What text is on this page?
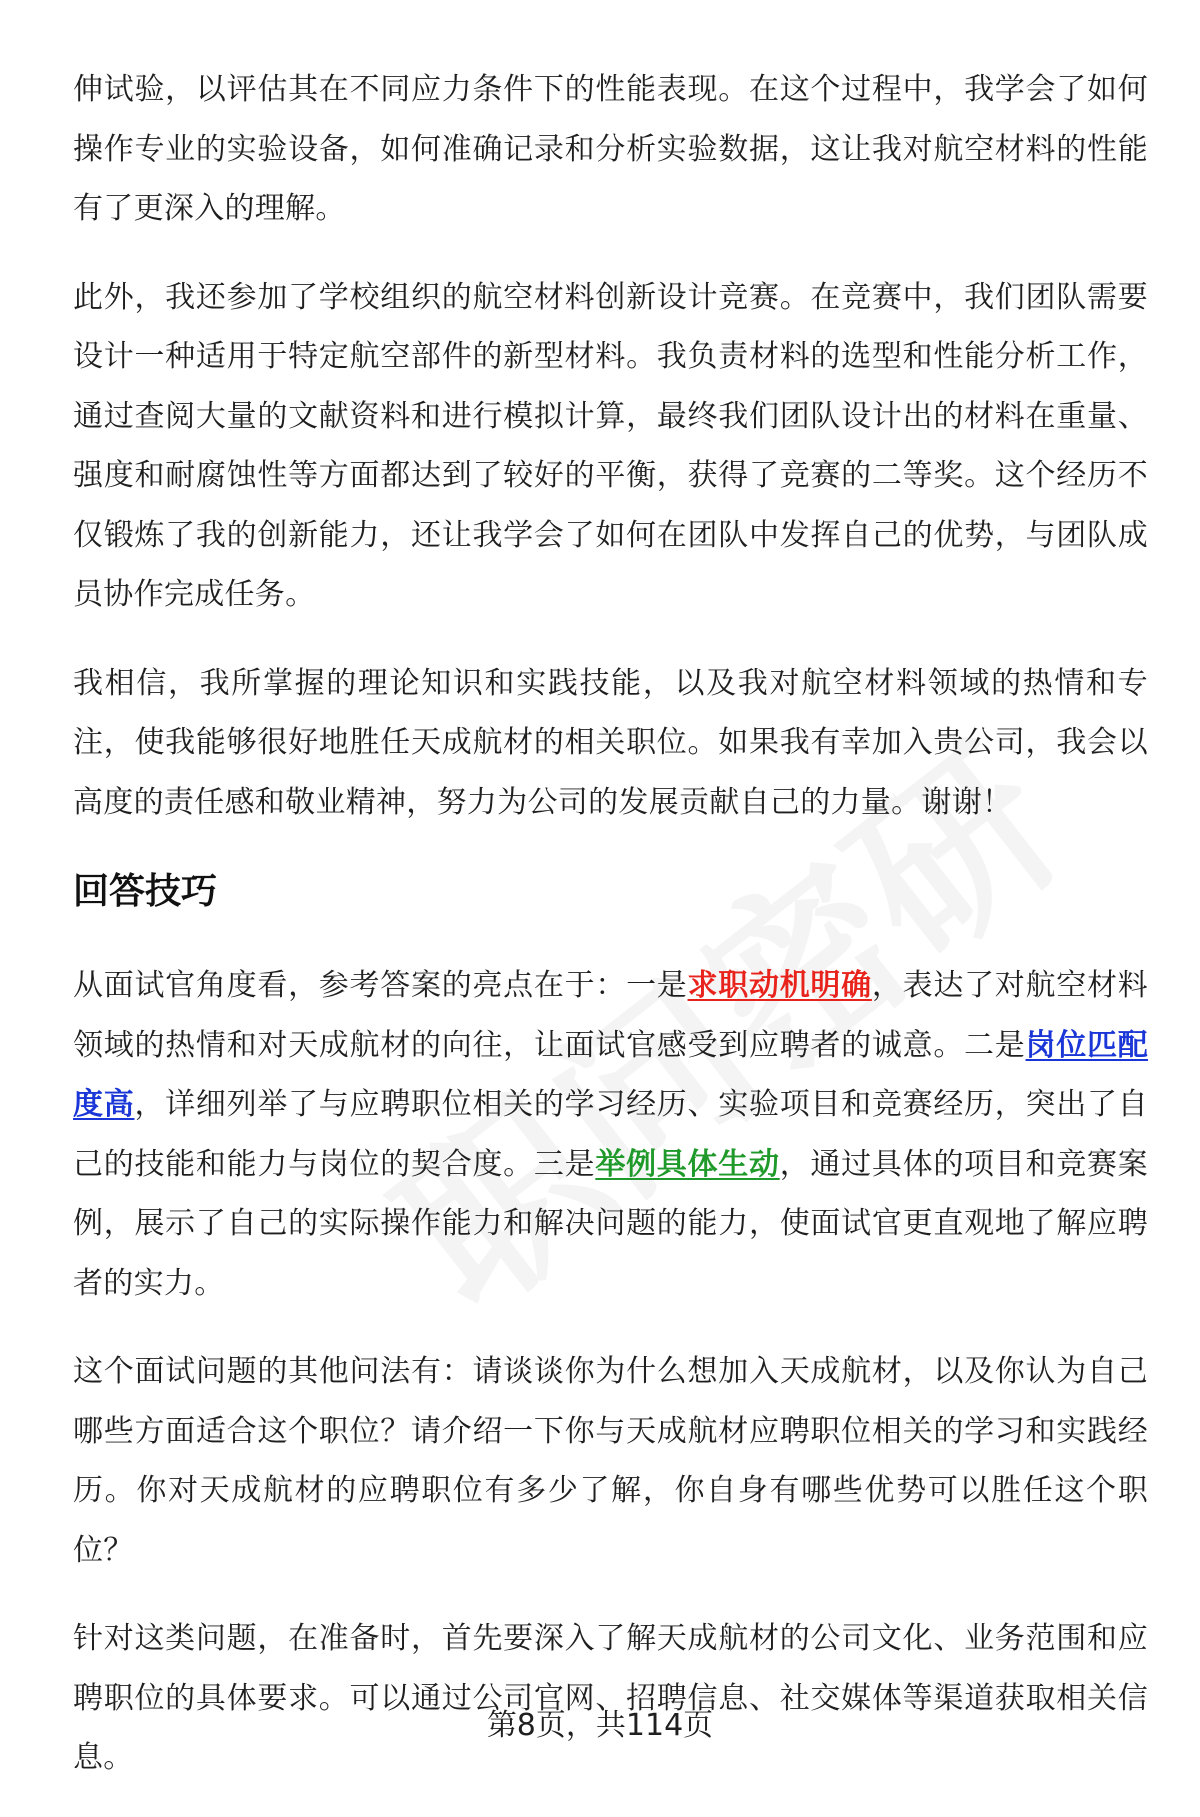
伸试验，以评估其在不同应力条件下的性能表现。在这个过程中，我学会了如何操作专业的实验设备，如何准确记录和分析实验数据，这让我对航空材料的性能有了更深入的理解。

此外，我还参加了学校组织的航空材料创新设计竞赛。在竞赛中，我们团队需要设计一种适用于特定航空部件的新型材料。我负责材料的选型和性能分析工作，通过查阅大量的文献资料和进行模拟计算，最终我们团队设计出的材料在重量、强度和耐腐蚀性等方面都达到了较好的平衡，获得了竞赛的二等奖。这个经历不仅锻炼了我的创新能力，还让我学会了如何在团队中发挥自己的优势，与团队成员协作完成任务。

我相信，我所掌握的理论知识和实践技能，以及我对航空材料领域的热情和专注，使我能够很好地胜任天成航材的相关职位。如果我有幸加入贵公司，我会以高度的责任感和敬业精神，努力为公司的发展贡献自己的力量。谢谢！

回答技巧

从面试官角度看，参考答案的亮点在于：一是求职动机明确，表达了对航空材料领域的热情和对天成航材的向往，让面试官感受到应聘者的诚意。二是岗位匹配度高，详细列举了与应聘职位相关的学习经历、实验项目和竞赛经历，突出了自己的技能和能力与岗位的契合度。三是举例具体生动，通过具体的项目和竞赛案例，展示了自己的实际操作能力和解决问题的能力，使面试官更直观地了解应聘者的实力。

这个面试问题的其他问法有：请谈谈你为什么想加入天成航材，以及你认为自己哪些方面适合这个职位？请介绍一下你与天成航材应聘职位相关的学习和实践经历。你对天成航材的应聘职位有多少了解，你自身有哪些优势可以胜任这个职位？

针对这类问题，在准备时，首先要深入了解天成航材的公司文化、业务范围和应聘职位的具体要求。可以通过公司官网、招聘信息、社交媒体等渠道获取相关信息。

第8页，共114页
